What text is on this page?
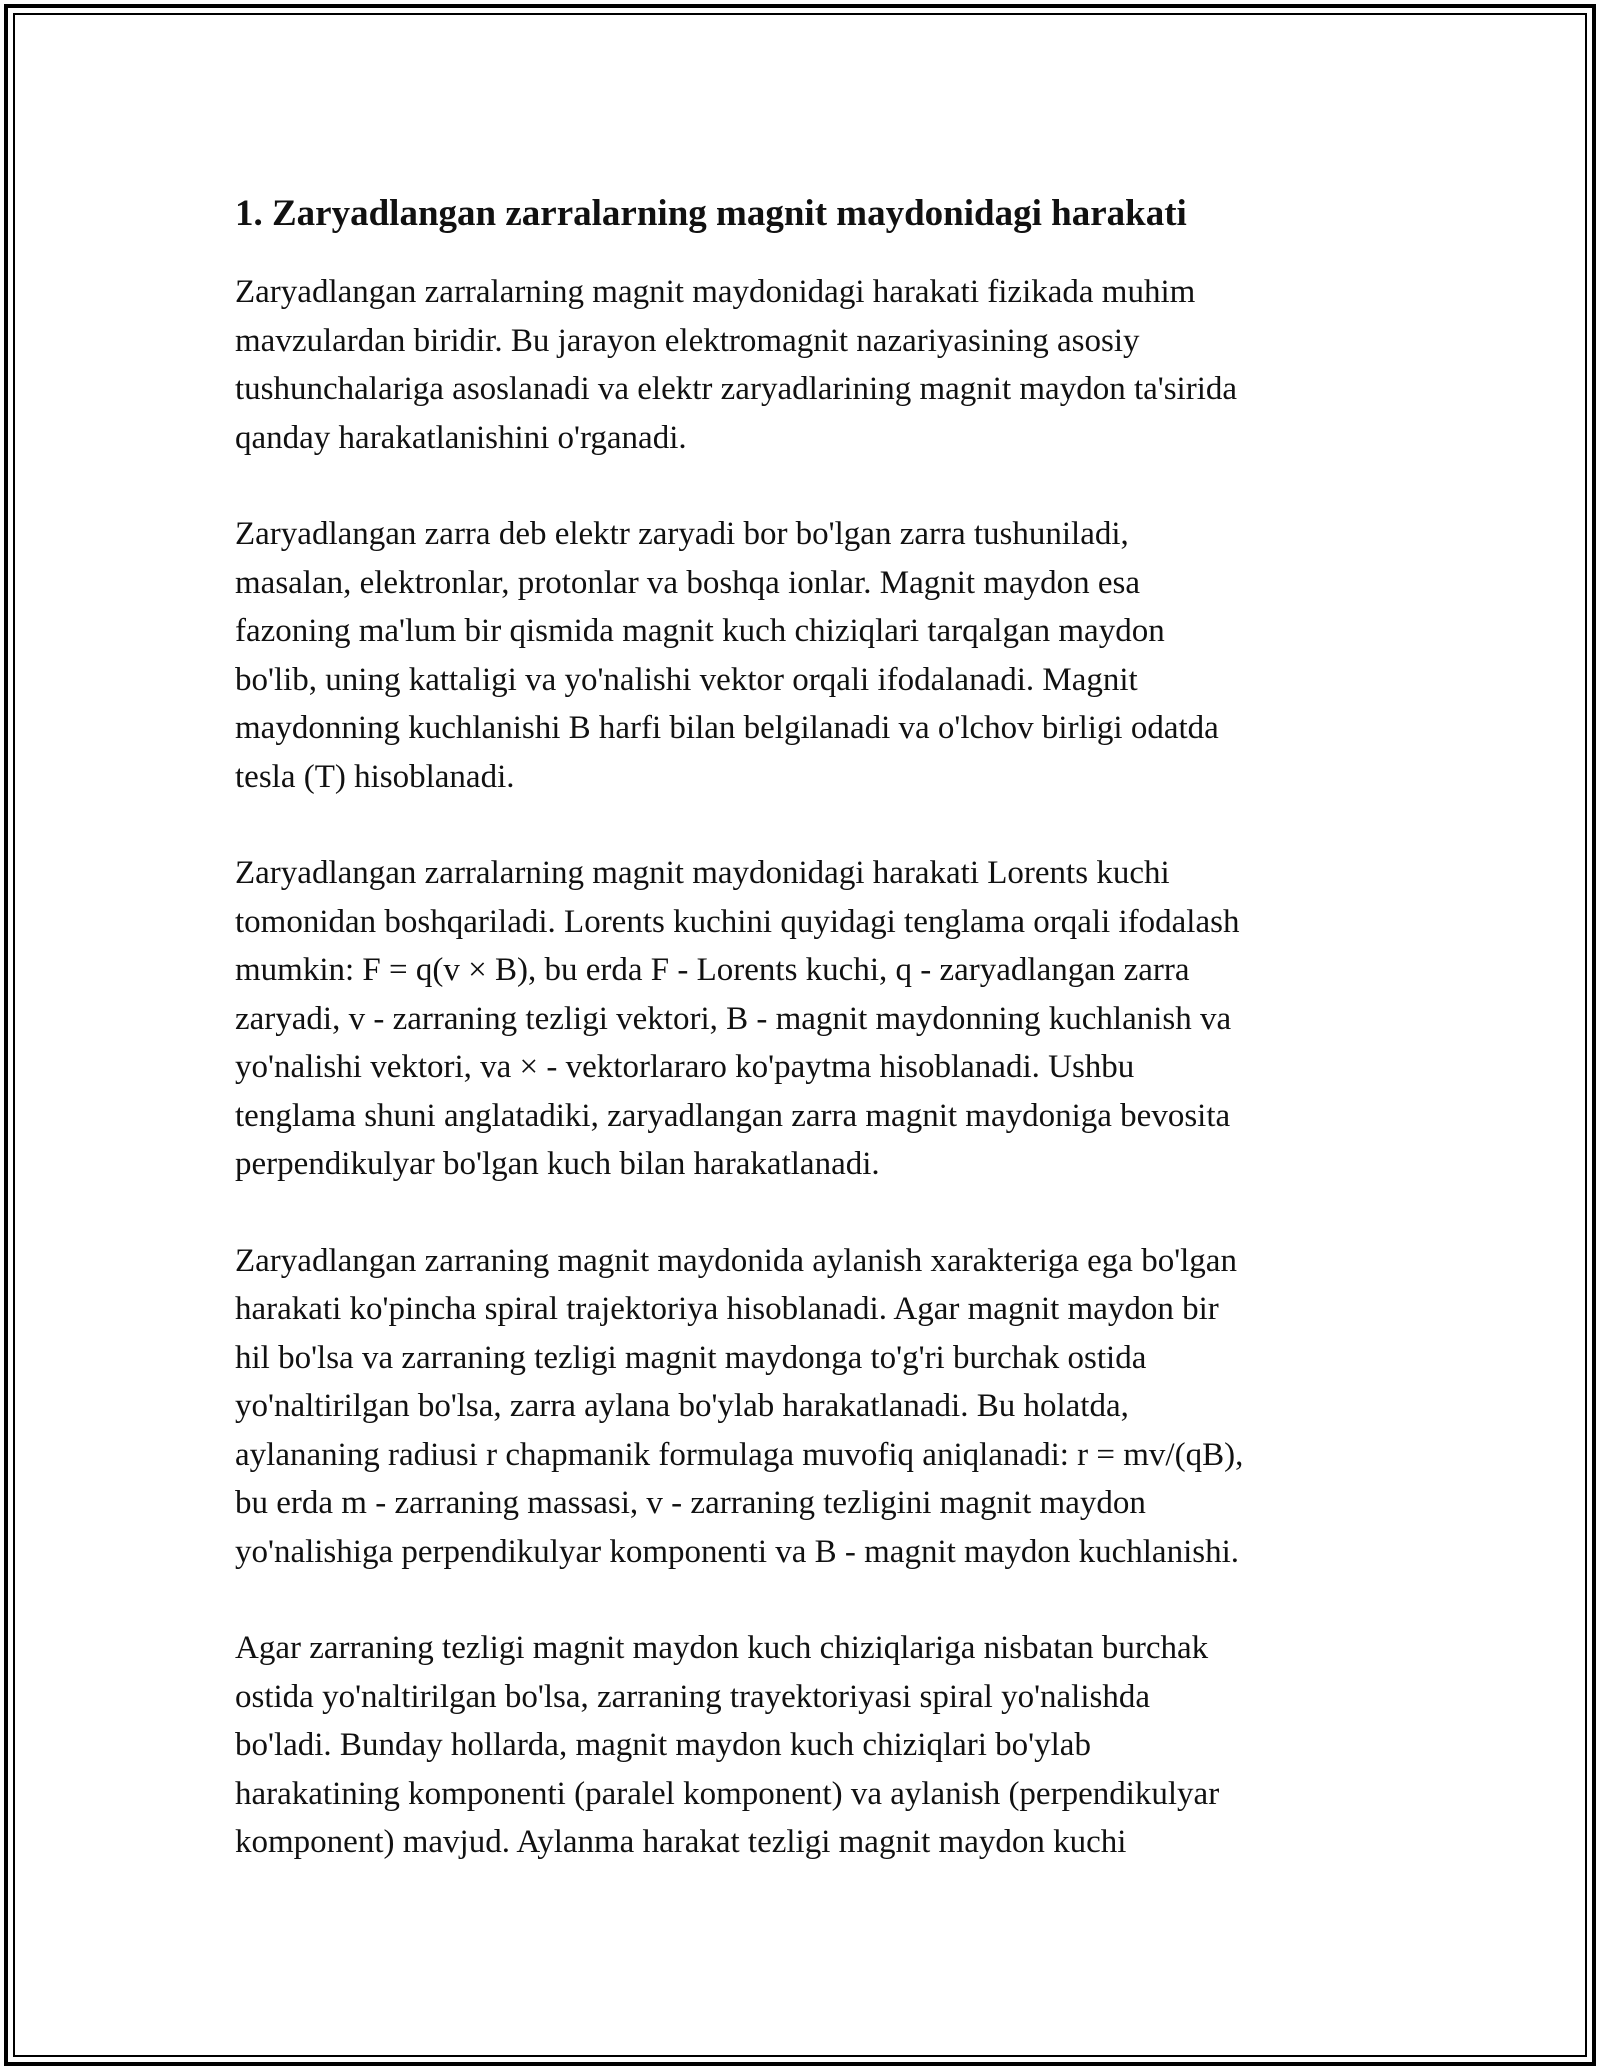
1. Zaryadlangan zarralarning magnit maydonidagi harakati

Zaryadlangan zarralarning magnit maydonidagi harakati fizikada muhim
mavzulardan biridir. Bu jarayon elektromagnit nazariyasining asosiy
tushunchalariga asoslanadi va elektr zaryadlarining magnit maydon ta'sirida
qanday harakatlanishini o'rganadi.

Zaryadlangan zarra deb elektr zaryadi bor bo'lgan zarra tushuniladi,
masalan, elektronlar, protonlar va boshqa ionlar. Magnit maydon esa
fazoning ma'lum bir qismida magnit kuch chiziqlari tarqalgan maydon
bo'lib, uning kattaligi va yo'nalishi vektor orqali ifodalanadi. Magnit
maydonning kuchlanishi B harfi bilan belgilanadi va o'lchov birligi odatda
tesla (T) hisoblanadi.

Zaryadlangan zarralarning magnit maydonidagi harakati Lorents kuchi
tomonidan boshqariladi. Lorents kuchini quyidagi tenglama orqali ifodalash
mumkin: F = q(v × B), bu erda F - Lorents kuchi, q - zaryadlangan zarra
zaryadi, v - zarraning tezligi vektori, B - magnit maydonning kuchlanish va
yo'nalishi vektori, va × - vektorlararo ko'paytma hisoblanadi. Ushbu
tenglama shuni anglatadiki, zaryadlangan zarra magnit maydoniga bevosita
perpendikulyar bo'lgan kuch bilan harakatlanadi.

Zaryadlangan zarraning magnit maydonida aylanish xarakteriga ega bo'lgan
harakati ko'pincha spiral trajektoriya hisoblanadi. Agar magnit maydon bir
hil bo'lsa va zarraning tezligi magnit maydonga to'g'ri burchak ostida
yo'naltirilgan bo'lsa, zarra aylana bo'ylab harakatlanadi. Bu holatda,
aylananing radiusi r chapmanik formulaga muvofiq aniqlanadi: r = mv/(qB),
bu erda m - zarraning massasi, v - zarraning tezligini magnit maydon
yo'nalishiga perpendikulyar komponenti va B - magnit maydon kuchlanishi.

Agar zarraning tezligi magnit maydon kuch chiziqlariga nisbatan burchak
ostida yo'naltirilgan bo'lsa, zarraning trayektoriyasi spiral yo'nalishda
bo'ladi. Bunday hollarda, magnit maydon kuch chiziqlari bo'ylab
harakatining komponenti (paralel komponent) va aylanish (perpendikulyar
komponent) mavjud. Aylanma harakat tezligi magnit maydon kuchi
